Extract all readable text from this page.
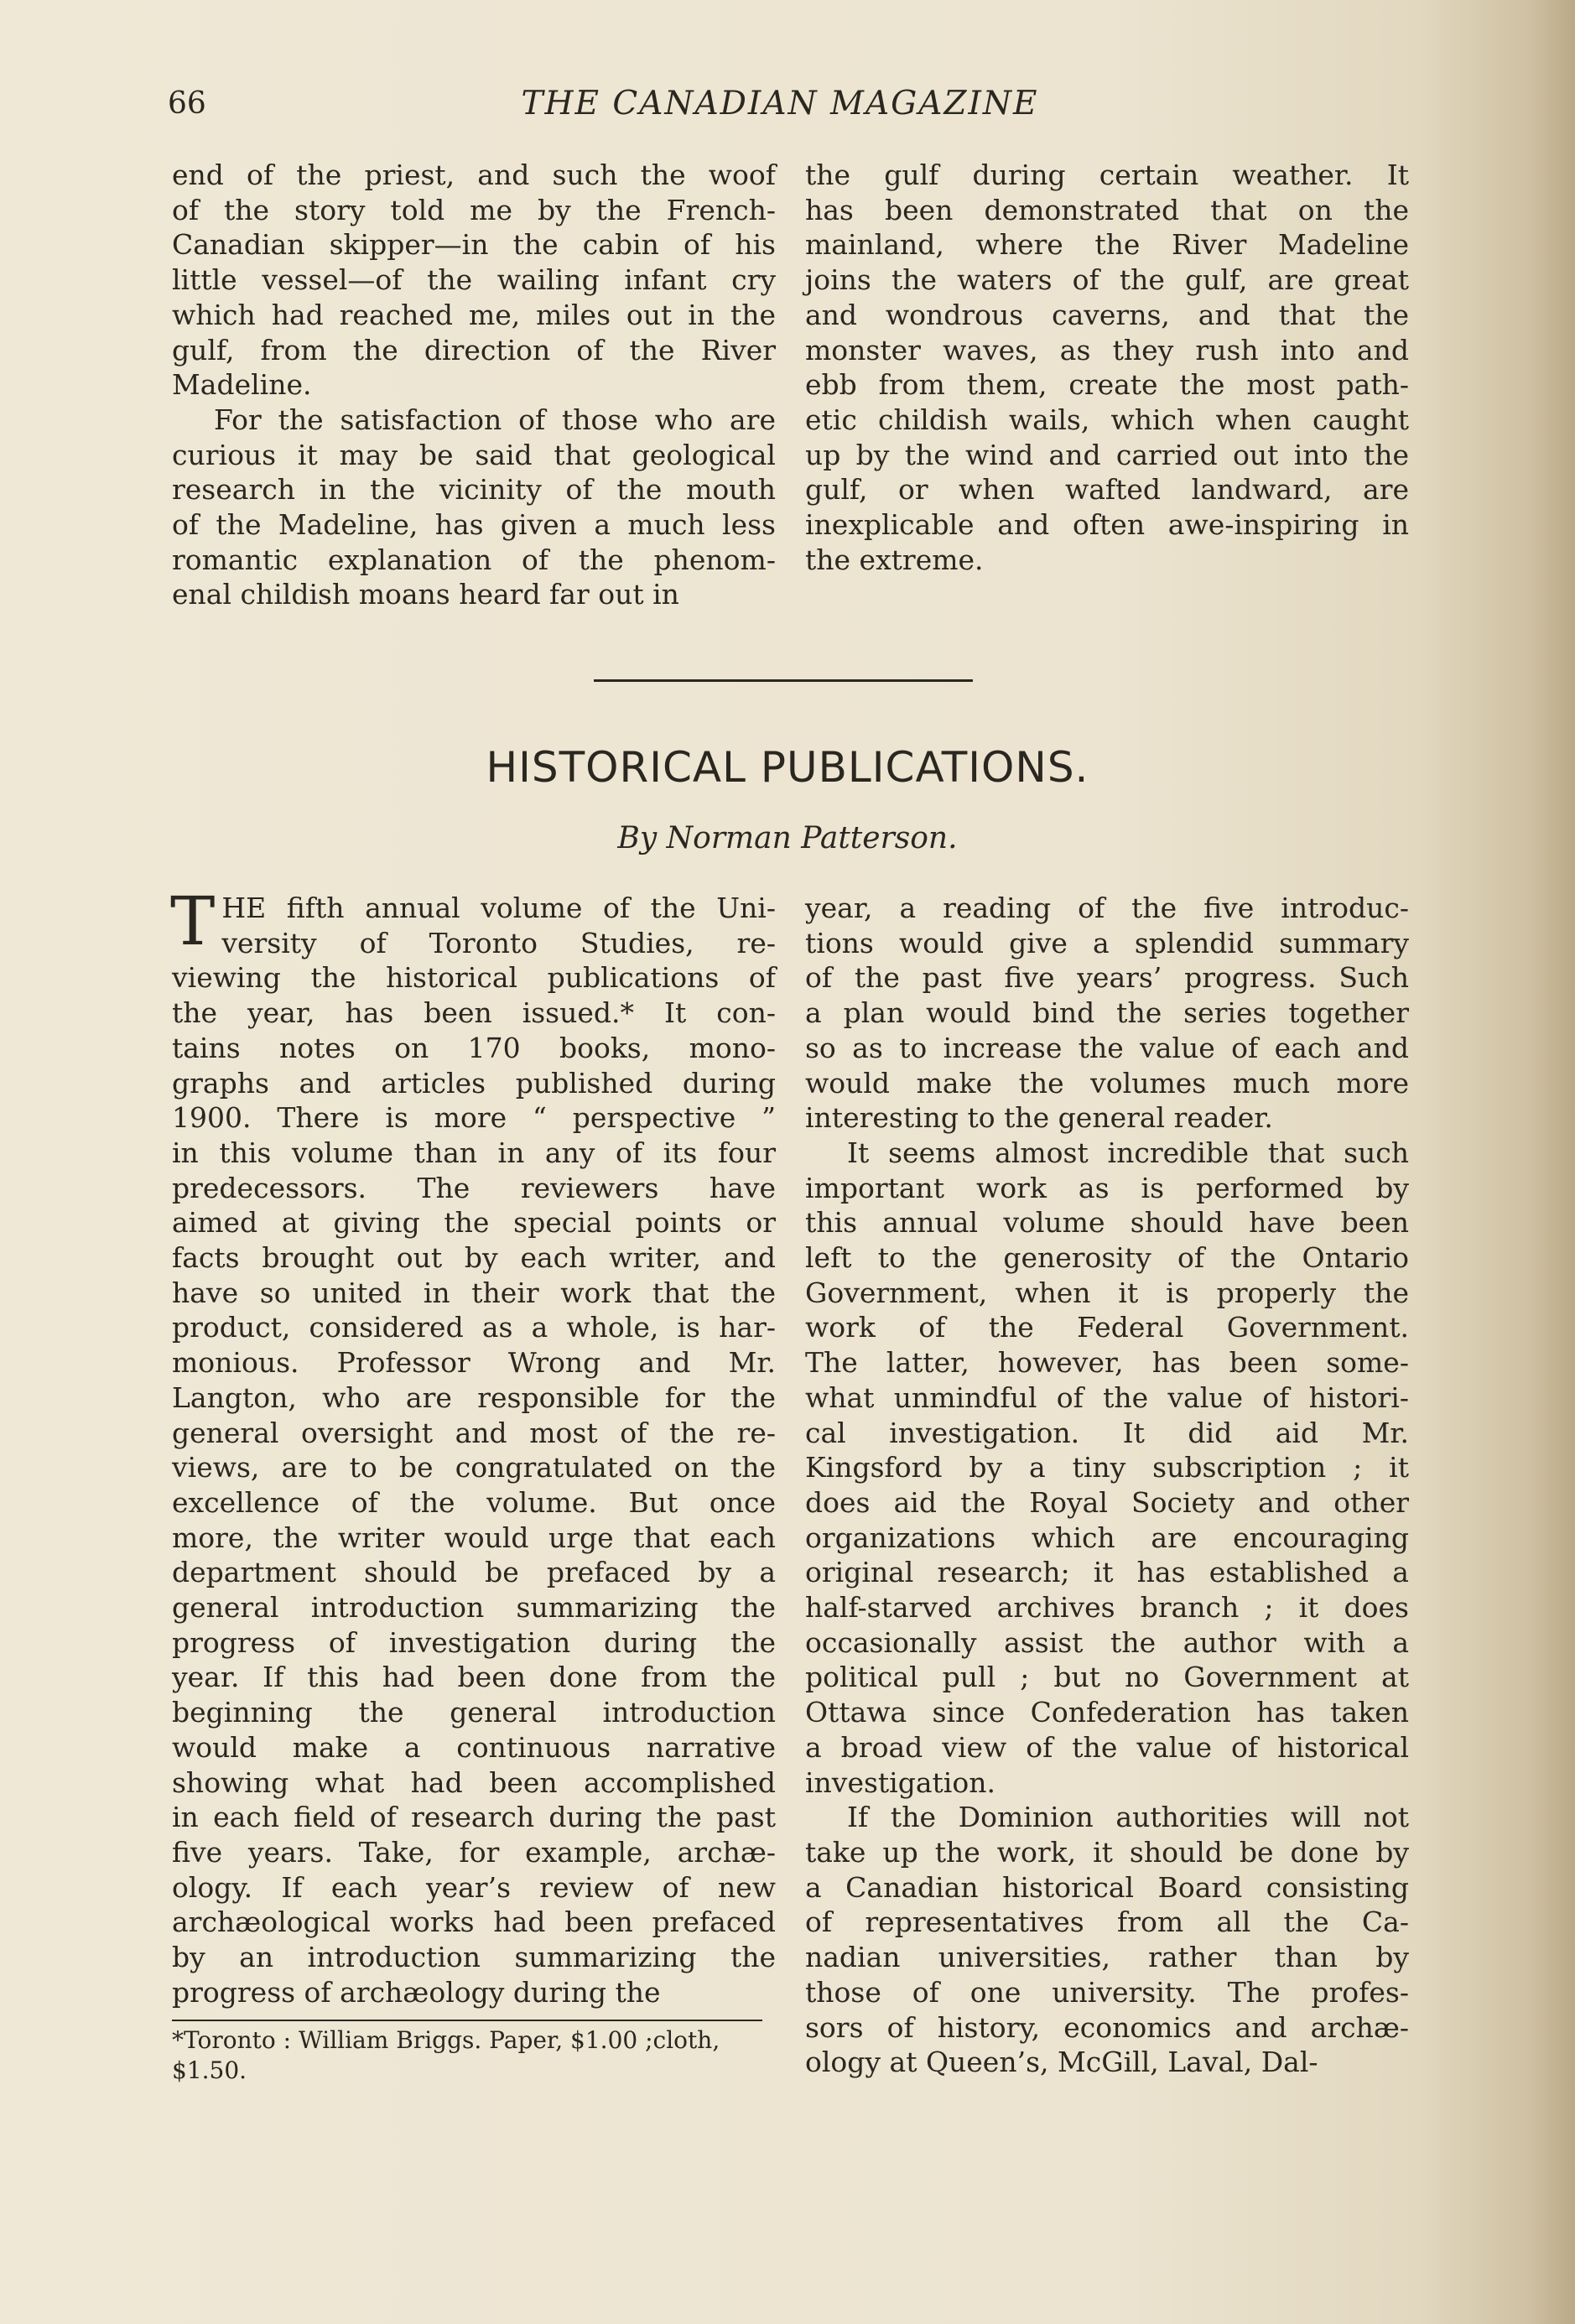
66	THE CANADIAN MAGAZINE
end of the priest, and such the woof
of the story told me by the French-
Canadian skipper—in the cabin of his
little vessel—of the wailing infant cry
which had reached me, miles out in the
gulf, from the direction of the River
Madeline.
For the satisfaction of those who are
curious it may be said that geological
research in the vicinity of the mouth
of the Madeline, has given a much less
romantic explanation of the phenom-
enal childish moans heard far out in
the gulf during certain weather. It
has been demonstrated that on the
mainland, where the River Madeline
joins the waters of the gulf, are great
and wondrous caverns, and that the
monster waves, as they rush into and
ebb from them, create the most path-
etic childish wails, which when caught
up by the wind and carried out into the
gulf, or when wafted landward, are
inexplicable and often awe-inspiring in
the extreme.
HISTORICAL PUBLICATIONS.
By Norman Patterson.
T HE fifth annual volume of the Uni-
versity of Toronto Studies, re-
viewing the historical publications of
the year, has been issued.* It con-
tains notes on 170 books, mono-
graphs and articles published during
1900. There is more “ perspective ”
in this volume than in any of its four
predecessors. The reviewers have
aimed at giving the special points or
facts brought out by each writer, and
have so united in their work that the
product, considered as a whole, is har-
monious. Professor Wrong and Mr.
Langton, who are responsible for the
general oversight and most of the re-
views, are to be congratulated on the
excellence of the volume. But once
more, the writer would urge that each
department should be prefaced by a
general introduction summarizing the
progress of investigation during the
year. If this had been done from the
beginning the general introduction
would make a continuous narrative
showing what had been accomplished
in each field of research during the past
five years. Take, for example, archæ-
ology. If each year’s review of new
archæological works had been prefaced
by an introduction summarizing the
progress of archæology during the
year, a reading of the five introduc-
tions would give a splendid summary
of the past five years’ progress. Such
a plan would bind the series together
so as to increase the value of each and
would make the volumes much more
interesting to the general reader.
It seems almost incredible that such
important work as is performed by
this annual volume should have been
left to the generosity of the Ontario
Government, when it is properly the
work of the Federal Government.
The latter, however, has been some-
what unmindful of the value of histori-
cal investigation. It did aid Mr.
Kingsford by a tiny subscription ; it
does aid the Royal Society and other
organizations which are encouraging
original research; it has established a
half-starved archives branch ; it does
occasionally assist the author with a
political pull ; but no Government at
Ottawa since Confederation has taken
a broad view of the value of historical
investigation.
If the Dominion authorities will not
take up the work, it should be done by
a Canadian historical Board consisting
of representatives from all the Ca-
nadian universities, rather than by
those of one university. The profes-
sors of history, economics and archæ-
ology at Queen’s, McGill, Laval, Dal-
*Toronto : William Briggs. Paper, $1.00 ;cloth, $1.50.
